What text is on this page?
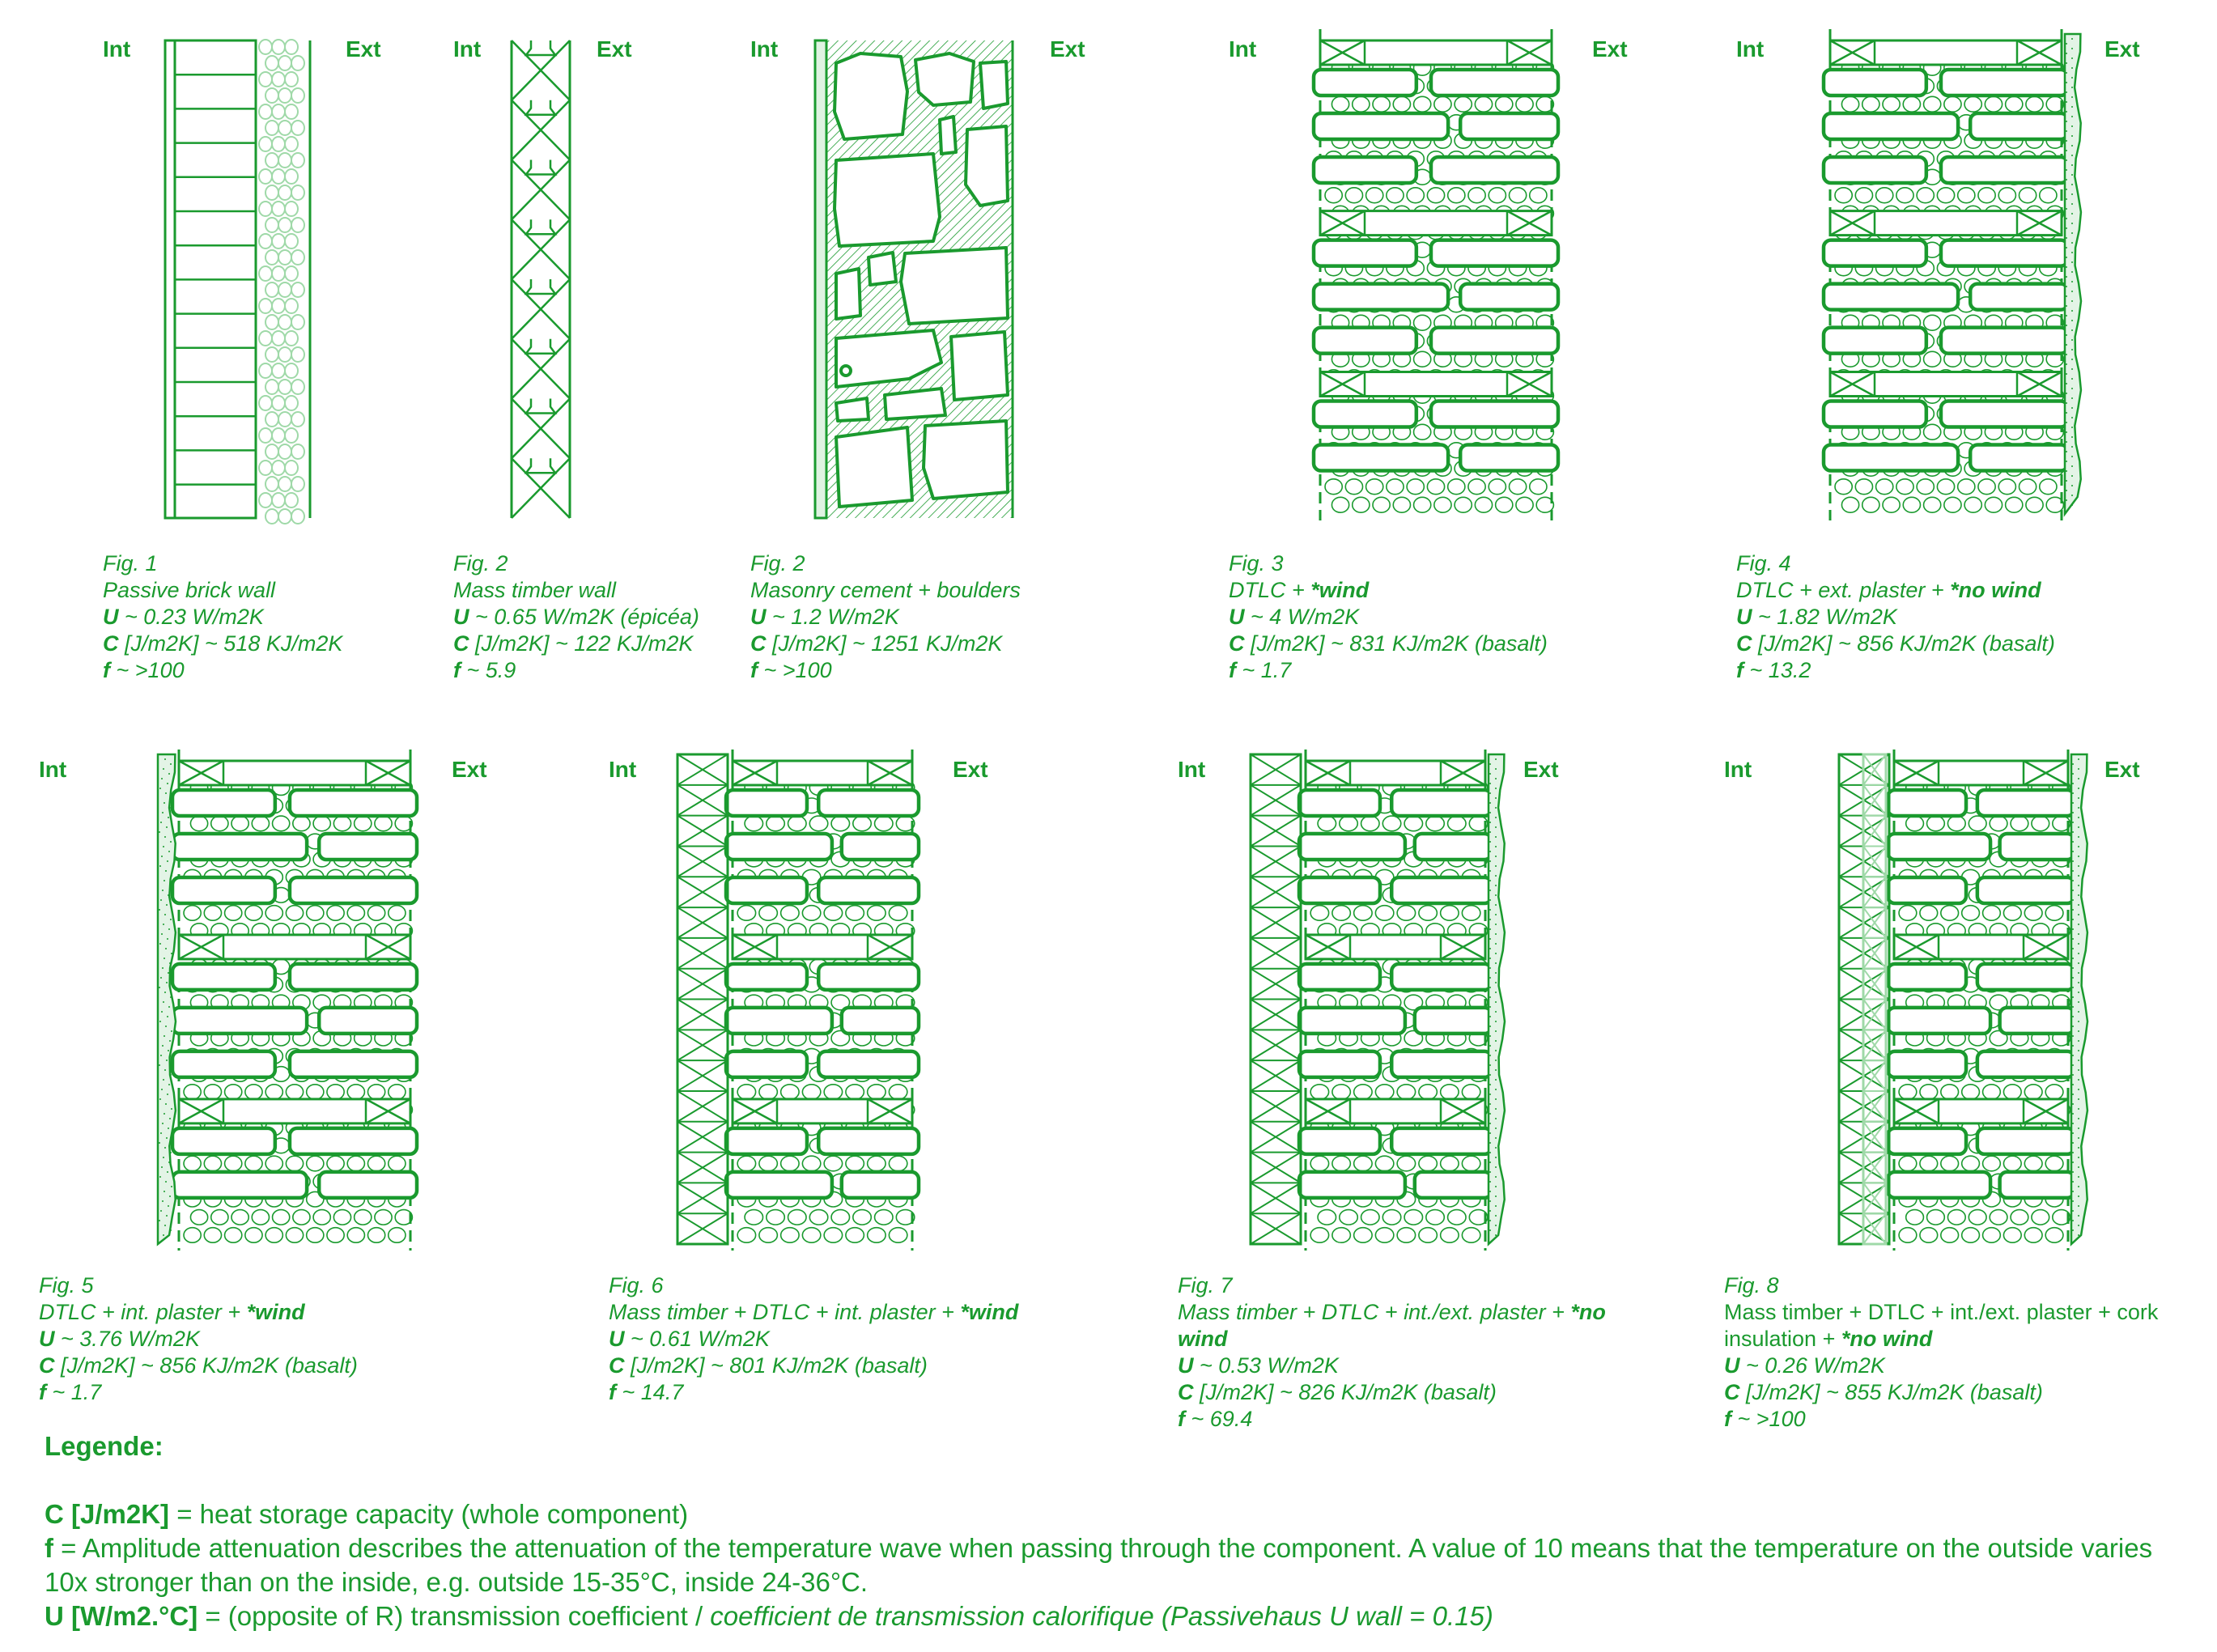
Int	Ext	Int	Ext	Int	Ext	Int	Ext	Int	Ext
Int	Ext	Int	Ext	Int	Ext	Int	Ext
Fig. 1
Passive brick wall
U ~ 0.23 W/m2K
C [J/m2K] ~ 518 KJ/m2K
f ~ >100
Fig. 2
Mass timber wall
U ~ 0.65 W/m2K (épicéa)
C [J/m2K] ~ 122 KJ/m2K
f ~ 5.9
Fig. 2
Masonry cement + boulders
U ~ 1.2 W/m2K
C [J/m2K] ~ 1251 KJ/m2K
f ~ >100
Fig. 3
DTLC + *wind
U ~ 4 W/m2K
C [J/m2K] ~ 831 KJ/m2K (basalt)
f ~ 1.7
Fig. 4
DTLC + ext. plaster + *no wind
U ~ 1.82 W/m2K
C [J/m2K] ~ 856 KJ/m2K (basalt)
f ~ 13.2
Fig. 5
DTLC + int. plaster + *wind
U ~ 3.76 W/m2K
C [J/m2K] ~ 856 KJ/m2K (basalt)
f ~ 1.7
Fig. 6
Mass timber + DTLC + int. plaster + *wind
U ~ 0.61 W/m2K
C [J/m2K] ~ 801 KJ/m2K (basalt)
f ~ 14.7
Fig. 7
Mass timber + DTLC + int./ext. plaster + *no
wind
U ~ 0.53 W/m2K
C [J/m2K] ~ 826 KJ/m2K (basalt)
f ~ 69.4
Fig. 8
Mass timber + DTLC + int./ext. plaster + cork
insulation + *no wind
U ~ 0.26 W/m2K
C [J/m2K] ~ 855 KJ/m2K (basalt)
f ~ >100
Legende:

C [J/m2K] = heat storage capacity (whole component)

f = Amplitude attenuation describes the attenuation of the temperature wave when passing through the component. A value of 10 means that the temperature on the outside varies 10x stronger than on the inside, e.g. outside 15-35°C, inside 24-36°C.

U [W/m2.°C] = (opposite of R) transmission coefficient / coefficient de transmission calorifique (Passivehaus U wall = 0.15)
